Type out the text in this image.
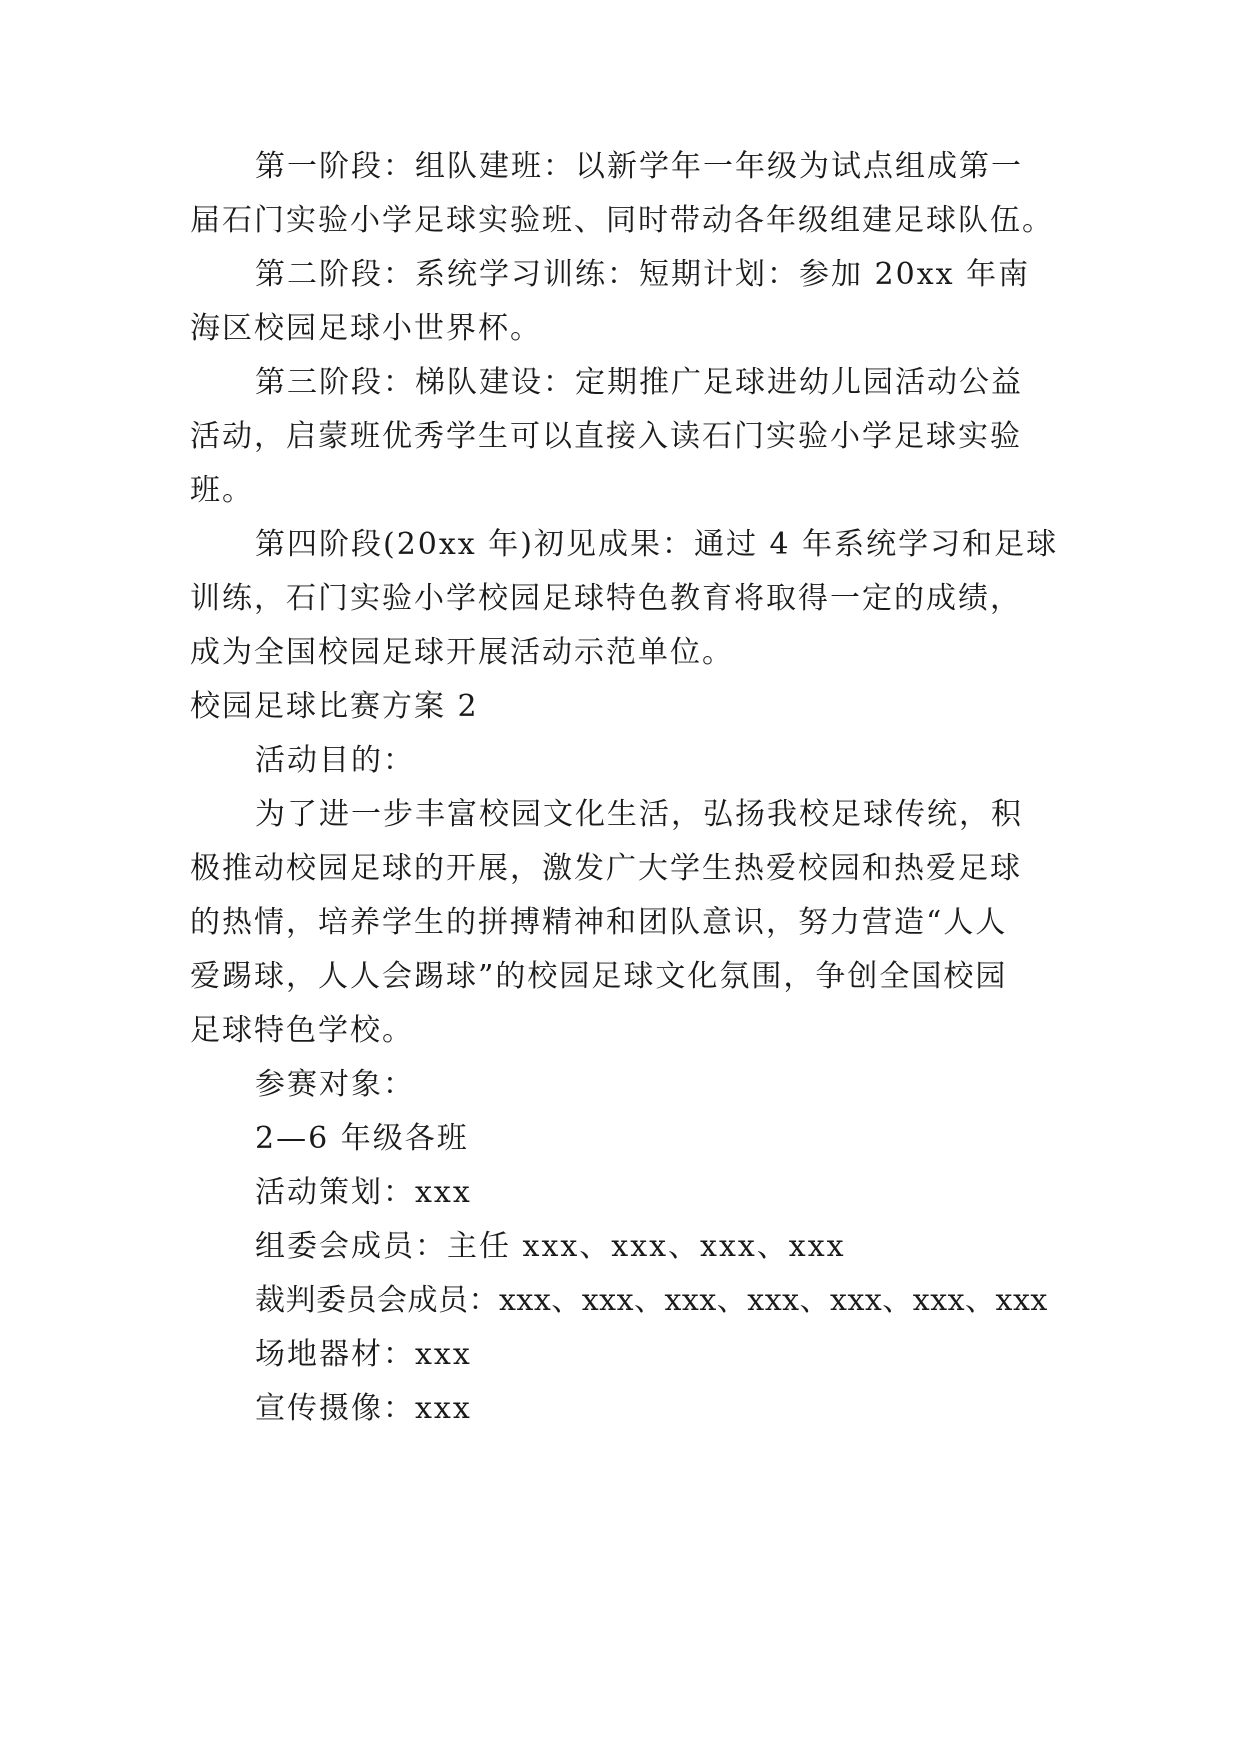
第一阶段：组队建班：以新学年一年级为试点组成第一
届石门实验小学足球实验班、同时带动各年级组建足球队伍。
第二阶段：系统学习训练：短期计划：参加 20xx 年南
海区校园足球小世界杯。
第三阶段：梯队建设：定期推广足球进幼儿园活动公益
活动，启蒙班优秀学生可以直接入读石门实验小学足球实验
班。
第四阶段(20xx 年)初见成果：通过 4 年系统学习和足球
训练，石门实验小学校园足球特色教育将取得一定的成绩，
成为全国校园足球开展活动示范单位。
校园足球比赛方案 2
活动目的：
为了进一步丰富校园文化生活，弘扬我校足球传统，积
极推动校园足球的开展，激发广大学生热爱校园和热爱足球
的热情，培养学生的拼搏精神和团队意识，努力营造“人人
爱踢球，人人会踢球”的校园足球文化氛围，争创全国校园
足球特色学校。
参赛对象：
2—6 年级各班
活动策划：xxx
组委会成员：主任 xxx、xxx、xxx、xxx
裁判委员会成员：xxx、xxx、xxx、xxx、xxx、xxx、xxx
场地器材：xxx
宣传摄像：xxx
